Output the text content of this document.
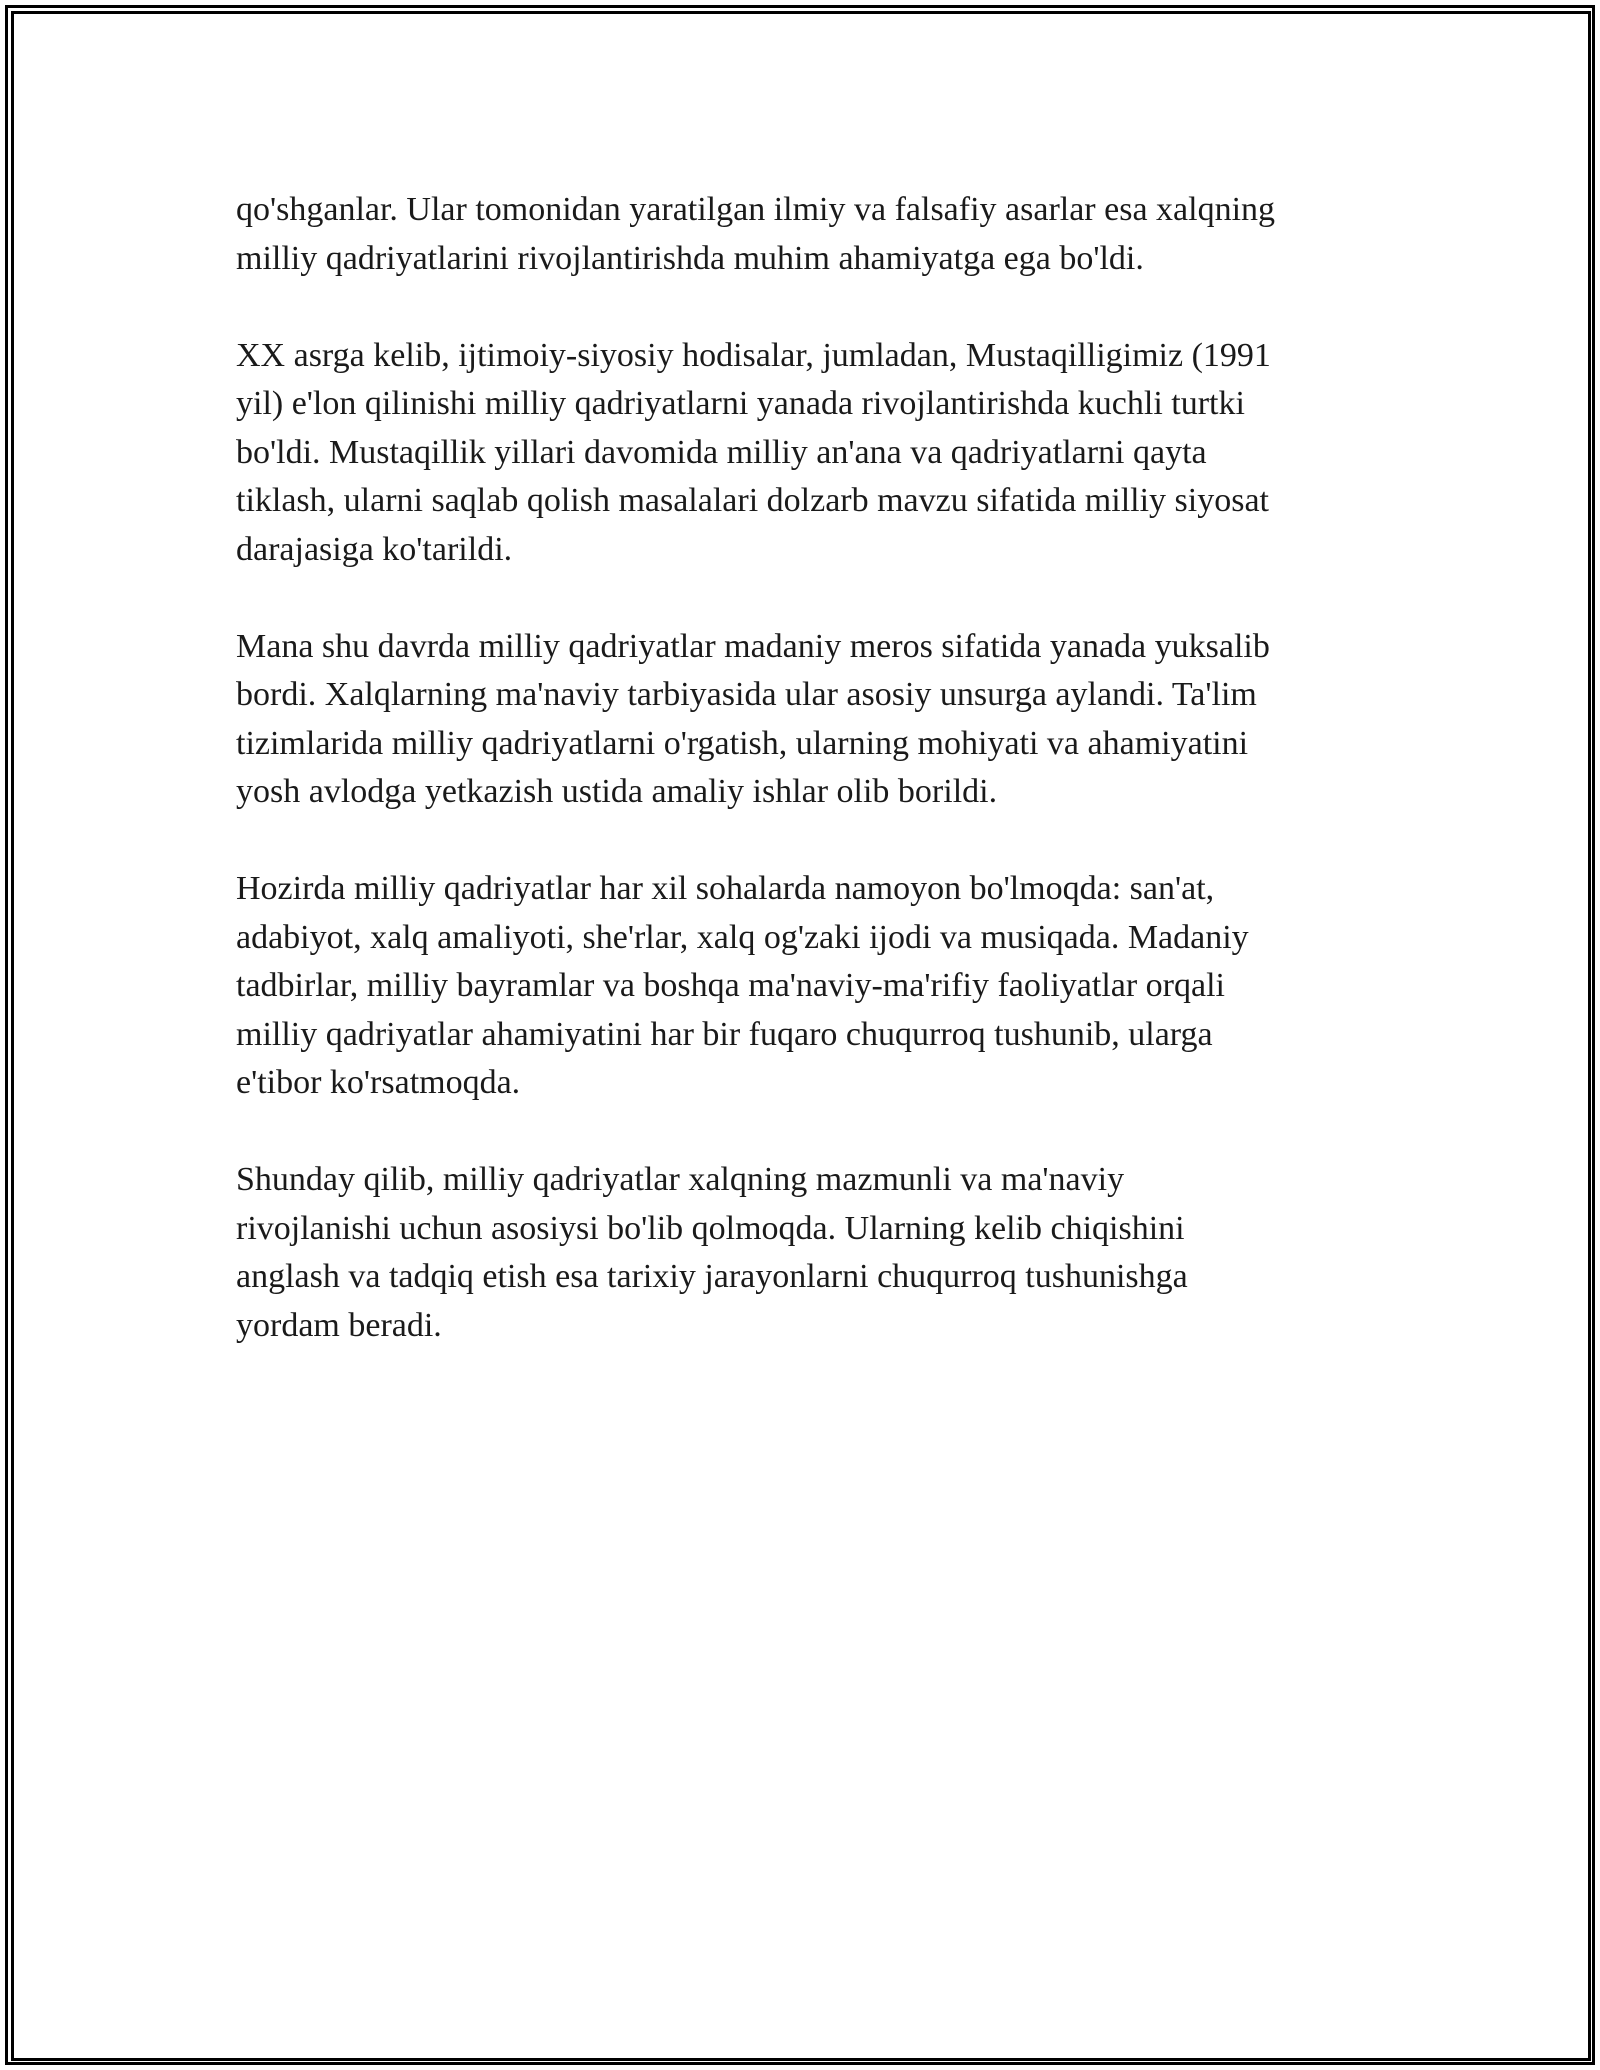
qo'shganlar. Ular tomonidan yaratilgan ilmiy va falsafiy asarlar esa xalqning
milliy qadriyatlarini rivojlantirishda muhim ahamiyatga ega bo'ldi.

XX asrga kelib, ijtimoiy-siyosiy hodisalar, jumladan, Mustaqilligimiz (1991
yil) e'lon qilinishi milliy qadriyatlarni yanada rivojlantirishda kuchli turtki
bo'ldi. Mustaqillik yillari davomida milliy an'ana va qadriyatlarni qayta
tiklash, ularni saqlab qolish masalalari dolzarb mavzu sifatida milliy siyosat
darajasiga ko'tarildi.

Mana shu davrda milliy qadriyatlar madaniy meros sifatida yanada yuksalib
bordi. Xalqlarning ma'naviy tarbiyasida ular asosiy unsurga aylandi. Ta'lim
tizimlarida milliy qadriyatlarni o'rgatish, ularning mohiyati va ahamiyatini
yosh avlodga yetkazish ustida amaliy ishlar olib borildi.

Hozirda milliy qadriyatlar har xil sohalarda namoyon bo'lmoqda: san'at,
adabiyot, xalq amaliyoti, she'rlar, xalq og'zaki ijodi va musiqada. Madaniy
tadbirlar, milliy bayramlar va boshqa ma'naviy-ma'rifiy faoliyatlar orqali
milliy qadriyatlar ahamiyatini har bir fuqaro chuqurroq tushunib, ularga
e'tibor ko'rsatmoqda.

Shunday qilib, milliy qadriyatlar xalqning mazmunli va ma'naviy
rivojlanishi uchun asosiysi bo'lib qolmoqda. Ularning kelib chiqishini
anglash va tadqiq etish esa tarixiy jarayonlarni chuqurroq tushunishga
yordam beradi.
